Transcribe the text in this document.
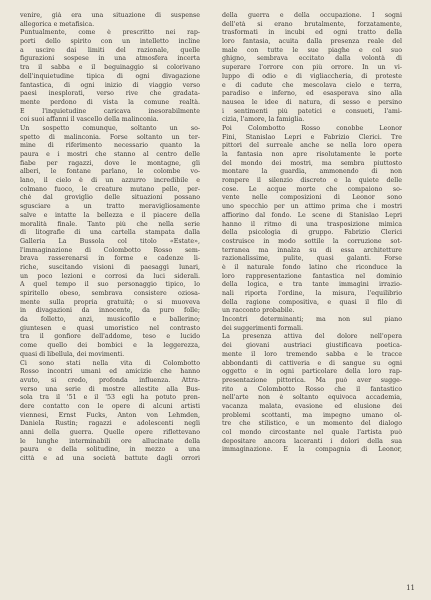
venire, già era una situazione di suspense
allegorica e metafisica.
Puntualmente, come è prescritto nei rap-
porti dello spirito con un intelletto incline
a uscire dai limiti del razionale, quelle
figurazioni sospese in una atmosfera incerta
tra il sabba e il beguinaggio si colorivano
dell'inquietudine tipica di ogni divagazione
fantastica, di ogni inizio di viaggio verso
paesi inesplorati, verso rive che gradata-
mente perdono di vista la comune realtà.
E l'inquietudine caricava inesorabilmente
coi suoi affanni il vascello della malinconia.
Un sospetto comunque, soltanto un so-
spetto di malinconia. Forse soltanto un ter-
mine di riferimento necessario quanto la
paura e i mostri che stanno al centro delle
fiabe per ragazzi, dove le montagne, gli
alberi, le fontane parlano, le colombe vo-
lano, il cielo è di un azzurro incredibile e
colmano fuoco, le creature mutano pelle, per-
ché dal groviglio delle situazioni possano
sgusciare a un tratto meravigliosamente
salve e intatte la bellezza e il piacere della
moralità finale. Tanto più che nella serie
di litografie di una cartella stampata dalla
Galleria La Bussola col titolo «Estate»,
l'immaginazione di Colombotto Rosso sem-
brava rasserenarsi in forme e cadenze li-
riche, suscitando visioni di paesaggi lunari,
un poco lezioni e corrosi da luci siderali.
A quel tempo il suo personaggio tipico, lo
spiritello obeso, sembrava consistere oziosa-
mente sulla propria gratuità; o si muoveva
in divagazioni da innocente, da puro folle;
da folletto, anzi, musicofilo e ballerino;
giuntesen e quasi umoristico nel contrasto
tra il gonfiore dell'addome, teso e lucido
come quello dei bombici e la leggerezza,
quasi di libellula, dei movimenti.
Ci sono stati nella vita di Colombotto
Rosso incontri umani ed amicizie che hanno
avuto, si credo, profonda influenza. Attra-
verso una serie di mostre allestite alla Bus-
sola tra il '51 e il '53 egli ha potuto pren-
dere contatto con le opere di alcuni artisti
viennesi, Ernst Fucks, Anton von Lehmden,
Daniela Rustin; ragazzi e adolescenti negli
anni della guerra. Quelle opere riflettevano
le lunghe interminabili ore allucinate della
paura e della solitudine, in mezzo a una
città e ad una società battute dagli orrori
della guerra e della occupazione. I sogni
dell'età si erano brutalmente, forzatamente,
trasformati in incubi ed ogni tratto della
loro fantasia, acuita dalla presenza reale del
male con tutte le sue piaghe e col suo
ghigno, sembrava eccitato dalla volontà di
superare l'orrore con più orrore. In un vi-
luppo di odio e di vigliaccheria, di proteste
e di cadute che mescolava cielo e terra,
paradiso e inferno, ed esasperava sino alla
nausea le idee di natura, di sesso e persino
i sentimenti più patetici e consueti, l'ami-
cizia, l'amore, la famiglia.
Poi Colombotto Rosso conobbe Leonor
Fini, Stanislao Lepri e Fabrizio Clerici. Tre
pittori del surreale anche se nella loro opera
la fantasia non apre risolutamente le porte
del mondo dei mostri, ma sembra piuttosto
montare la guardia, ammonendo di non
rompere il silenzio discreto e la quiete delle
cose. Le acque morte che compaiono so-
vente nelle composizioni di Leonor sono
uno specchio per un attimo prima che i mostri
affiorino dal fondo. Le scene di Stanislao Lepri
hanno il ritmo di una trasposizione mimica
della psicologia di gruppo. Fabrizio Clerici
costruisce in modo sottile la corruzione sot-
terranea ma innalza su di essa architetture
razionalissime, pulite, quasi galanti. Forse
è il naturale fondo latino che riconduce la
loro rappresentazione fantastica nel dominio
della logica, e tra tante immagini irrazio-
nali riporta l'ordine, la misura, l'equilibrio
della ragione compositiva, e quasi il filo di
un racconto probabile.
Incontri determinanti; ma non sul piano
dei suggerimenti formali.
La presenza attiva del dolore nell'opera
dei giovani austriaci giustificava poetica-
mente il loro tremendo sabba e le tracce
abbondanti di cattiveria e di sangue su ogni
oggetto e in ogni particolare della loro rap-
presentazione pittorica. Ma può aver sugge-
rito a Colombotto Rosso che il fantastico
nell'arte non è soltanto equivoca accademia,
vacanza malata, evasione ed elusione dei
problemi scottanti, ma impegno umano ol-
tre che stilistico, e un momento del dialogo
col mondo circostante nel quale l'artista può
depositare ancora laceranti i dolori della sua
immaginazione. E la compagnia di Leonor,
11
